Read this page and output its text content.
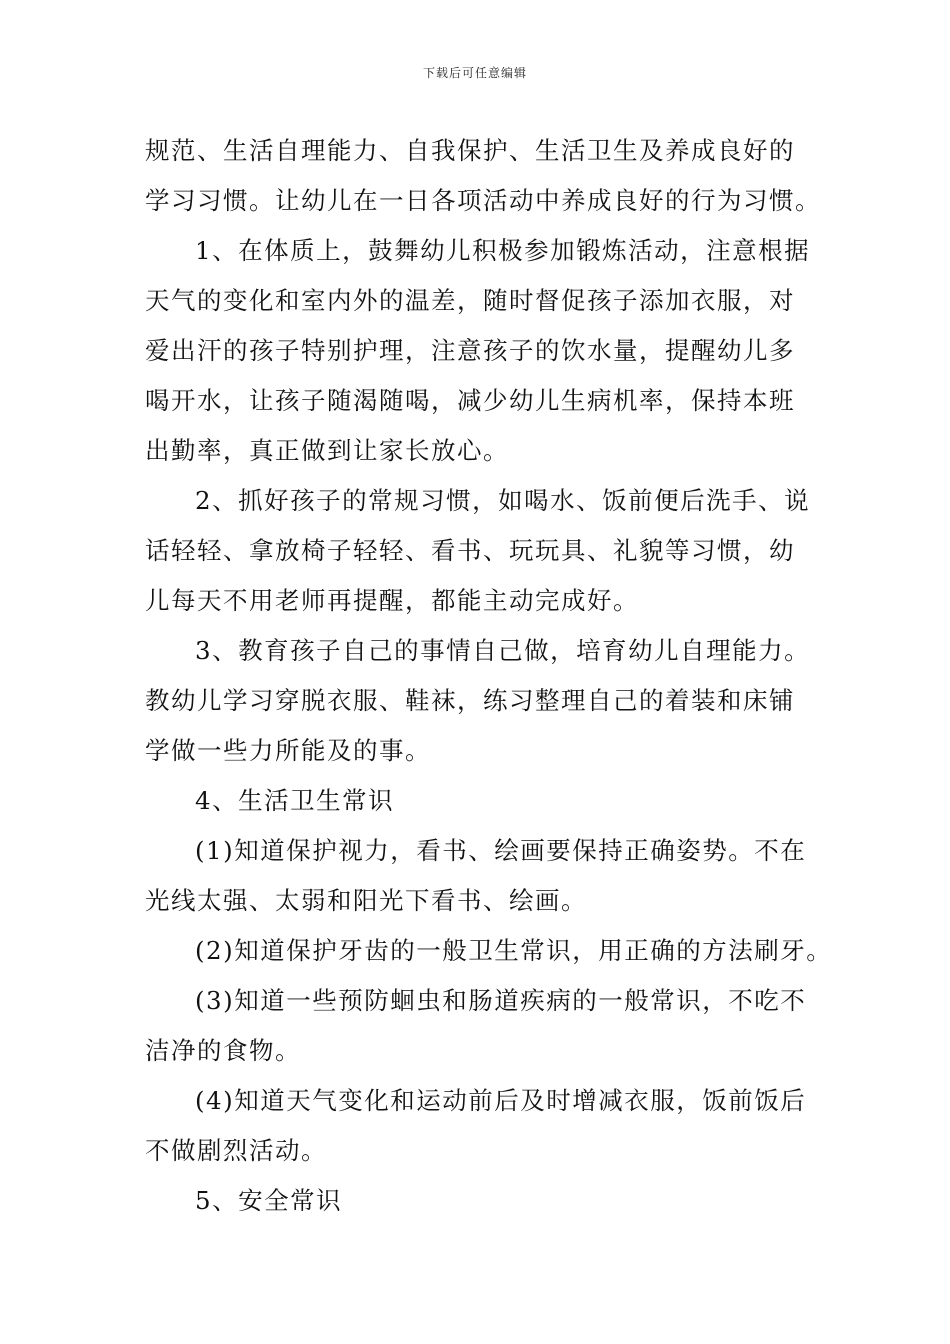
下载后可任意编辑

规范、生活自理能力、自我保护、生活卫生及养成良好的

学习习惯。让幼儿在一日各项活动中养成良好的行为习惯。

1、在体质上，鼓舞幼儿积极参加锻炼活动，注意根据

天气的变化和室内外的温差，随时督促孩子添加衣服，对

爱出汗的孩子特别护理，注意孩子的饮水量，提醒幼儿多

喝开水，让孩子随渴随喝，减少幼儿生病机率，保持本班

出勤率，真正做到让家长放心。

2、抓好孩子的常规习惯，如喝水、饭前便后洗手、说

话轻轻、拿放椅子轻轻、看书、玩玩具、礼貌等习惯，幼

儿每天不用老师再提醒，都能主动完成好。

3、教育孩子自己的事情自己做，培育幼儿自理能力。

教幼儿学习穿脱衣服、鞋袜，练习整理自己的着装和床铺

学做一些力所能及的事。

4、生活卫生常识

(1)知道保护视力，看书、绘画要保持正确姿势。不在

光线太强、太弱和阳光下看书、绘画。

(2)知道保护牙齿的一般卫生常识，用正确的方法刷牙。

(3)知道一些预防蛔虫和肠道疾病的一般常识，不吃不

洁净的食物。

(4)知道天气变化和运动前后及时增减衣服，饭前饭后

不做剧烈活动。

5、安全常识
